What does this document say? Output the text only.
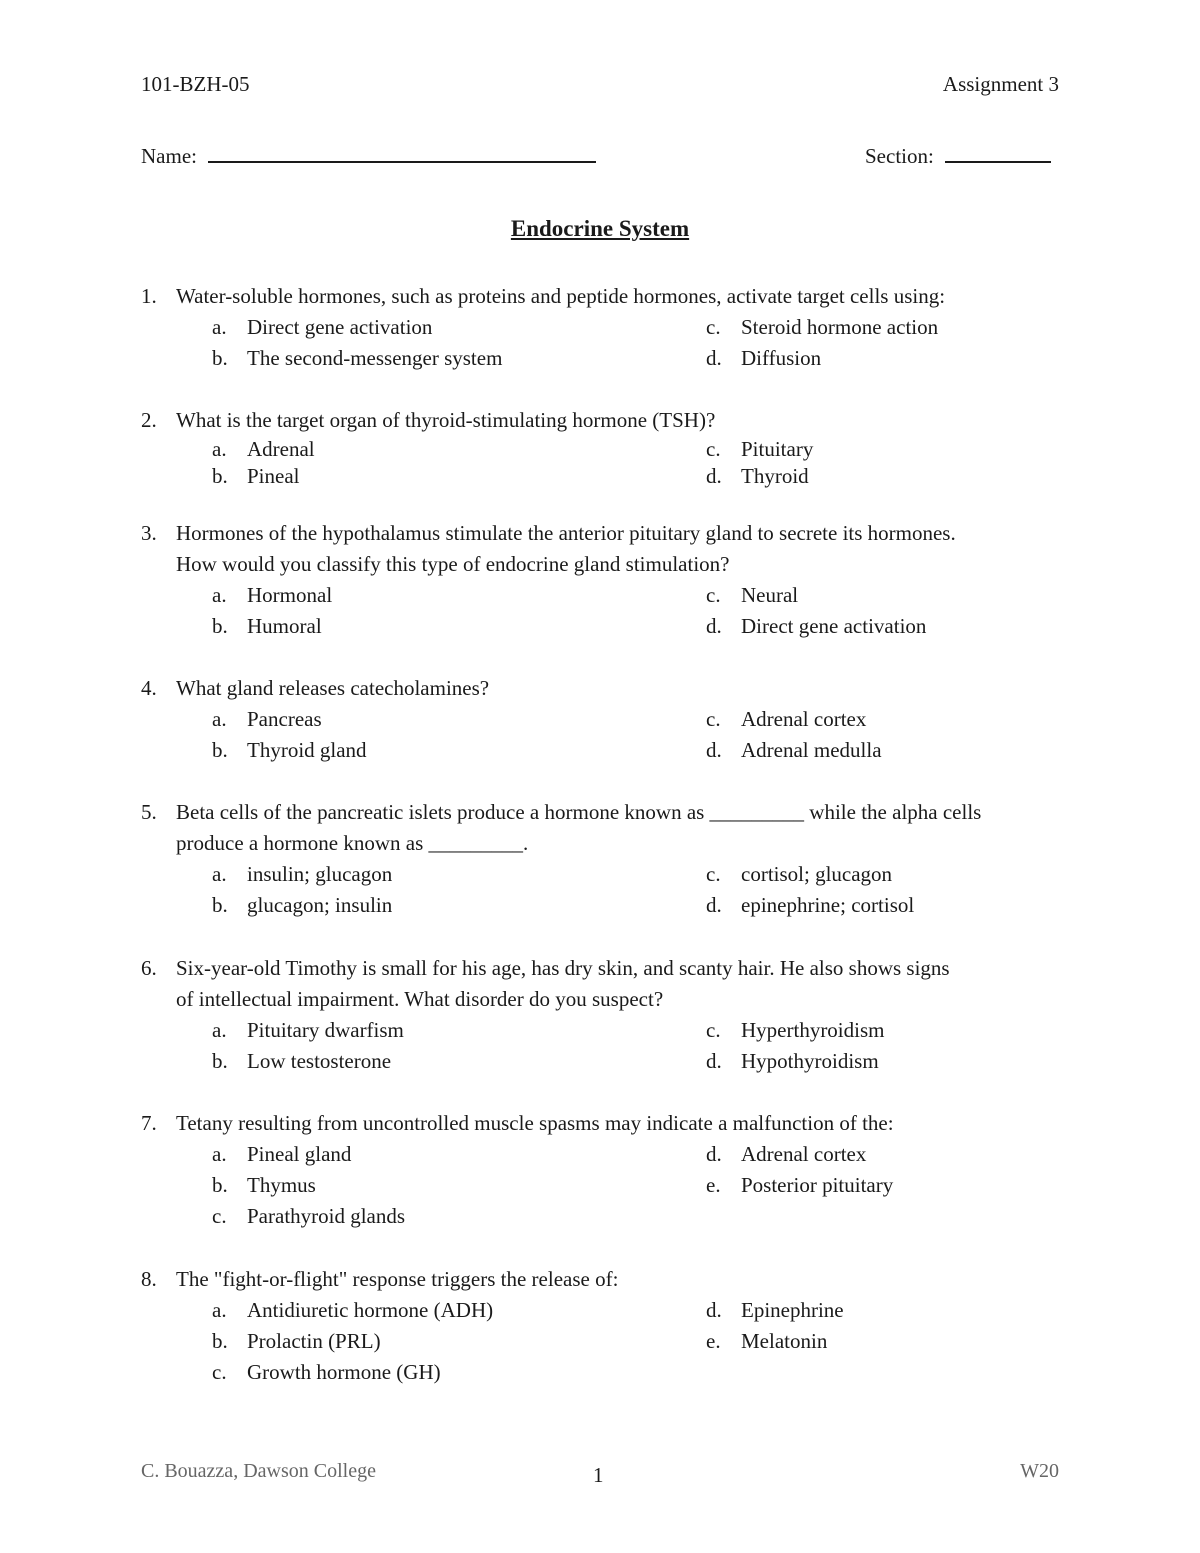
101-BZH-05	Assignment 3
Name:	Section:
Endocrine System
1. Water-soluble hormones, such as proteins and peptide hormones, activate target cells using:
a. Direct gene activation
b. The second-messenger system
c. Steroid hormone action
d. Diffusion
2. What is the target organ of thyroid-stimulating hormone (TSH)?
a. Adrenal
b. Pineal
c. Pituitary
d. Thyroid
3. Hormones of the hypothalamus stimulate the anterior pituitary gland to secrete its hormones.
How would you classify this type of endocrine gland stimulation?
a. Hormonal
b. Humoral
c. Neural
d. Direct gene activation
4. What gland releases catecholamines?
a. Pancreas
b. Thyroid gland
c. Adrenal cortex
d. Adrenal medulla
5. Beta cells of the pancreatic islets produce a hormone known as _________ while the alpha cells
produce a hormone known as _________.
a. insulin; glucagon
b. glucagon; insulin
c. cortisol; glucagon
d. epinephrine; cortisol
6. Six-year-old Timothy is small for his age, has dry skin, and scanty hair. He also shows signs
of intellectual impairment. What disorder do you suspect?
a. Pituitary dwarfism
b. Low testosterone
c. Hyperthyroidism
d. Hypothyroidism
7. Tetany resulting from uncontrolled muscle spasms may indicate a malfunction of the:
a. Pineal gland
b. Thymus
c. Parathyroid glands
d. Adrenal cortex
e. Posterior pituitary
8. The "fight-or-flight" response triggers the release of:
a. Antidiuretic hormone (ADH)
b. Prolactin (PRL)
c. Growth hormone (GH)
d. Epinephrine
e. Melatonin
C. Bouazza, Dawson College	1	W20
